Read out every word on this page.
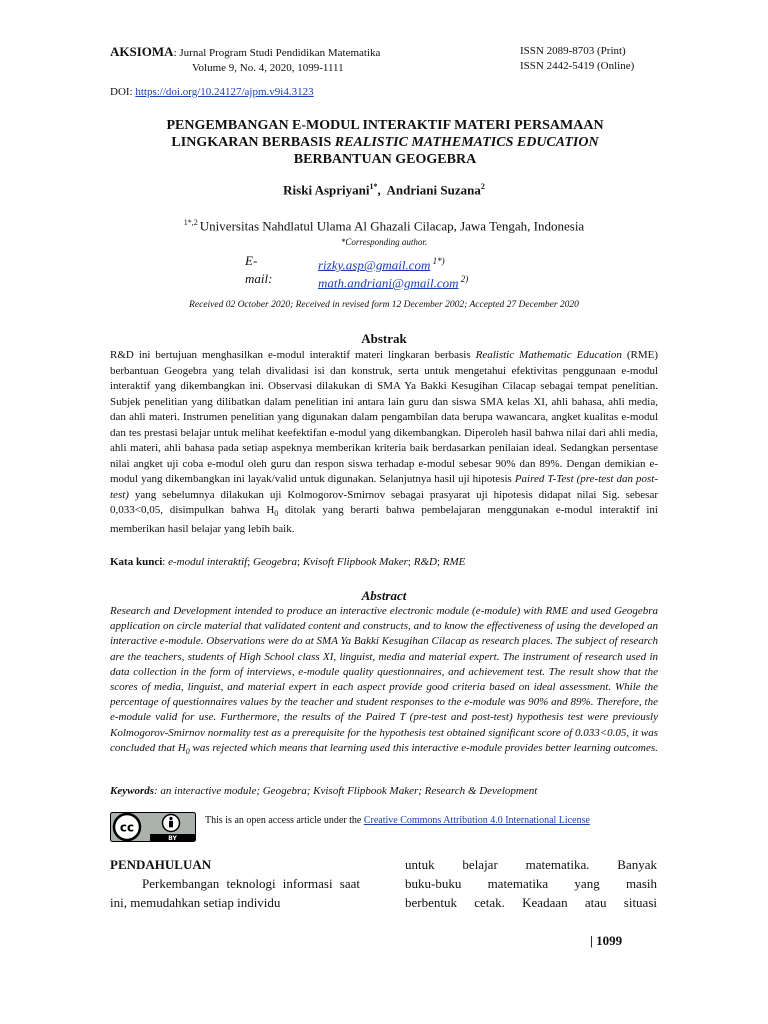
AKSIOMA: Jurnal Program Studi Pendidikan Matematika
Volume 9, No. 4, 2020, 1099-1111
ISSN 2089-8703 (Print)
ISSN 2442-5419 (Online)
DOI: https://doi.org/10.24127/ajpm.v9i4.3123
PENGEMBANGAN E-MODUL INTERAKTIF MATERI PERSAMAAN
LINGKARAN BERBASIS REALISTIC MATHEMATICS EDUCATION
BERBANTUAN GEOGEBRA
Riski Aspriyani$^{1*}$,  Andriani Suzana$^2$
$^{1*,2}$ Universitas Nahdlatul Ulama Al Ghazali Cilacap, Jawa Tengah, Indonesia
*Corresponding author.
E-mail:
rizky.asp@gmail.com $^{1*)}$
math.andriani@gmail.com $^{2)}$
Received 02 October 2020; Received in revised form 12 December 2002; Accepted 27 December 2020
Abstrak
R&D ini bertujuan menghasilkan e-modul interaktif materi lingkaran berbasis Realistic Mathematic Education (RME) berbantuan Geogebra yang telah divalidasi isi dan konstruk, serta untuk mengetahui efektivitas penggunaan e-modul interaktif yang dikembangkan ini. Observasi dilakukan di SMA Ya Bakki Kesugihan Cilacap sebagai tempat penelitian. Subjek penelitian yang dilibatkan dalam penelitian ini antara lain guru dan siswa SMA kelas XI, ahli bahasa, ahli media, dan ahli materi. Instrumen penelitian yang digunakan dalam pengambilan data berupa wawancara, angket kualitas e-modul dan tes prestasi belajar untuk melihat keefektifan e-modul yang dikembangkan. Diperoleh hasil bahwa nilai dari ahli media, ahli materi, ahli bahasa pada setiap aspeknya memberikan kriteria baik berdasarkan penilaian ideal. Sedangkan persentase nilai angket uji coba e-modul oleh guru dan respon siswa terhadap e-modul sebesar 90% dan 89%. Dengan demikian e-modul yang dikembangkan ini layak/valid untuk digunakan. Selanjutnya hasil uji hipotesis Paired T-Test (pre-test dan post-test) yang sebelumnya dilakukan uji Kolmogorov-Smirnov sebagai prasyarat uji hipotesis didapat nilai Sig. sebesar 0,033<0,05, disimpulkan bahwa $H_0$ ditolak yang berarti bahwa pembelajaran menggunakan e-modul interaktif ini memberikan hasil belajar yang lebih baik.
Kata kunci: e-modul interaktif; Geogebra; Kvisoft Flipbook Maker; R&D; RME
Abstract
Research and Development intended to produce an interactive electronic module (e-module) with RME and used Geogebra application on circle material that validated content and constructs, and to know the effectiveness of using the developed an interactive e-module. Observations were do at SMA Ya Bakki Kesugihan Cilacap as research places. The subject of research are the teachers, students of High School class XI, linguist, media and material expert. The instrument of research used in data collection in the form of interviews, e-module quality questionnaires, and achievement test. The result show that the scores of media, linguist, and material expert in each aspect provide good criteria based on ideal assessment. While the percentage of questionnaires values by the teacher and student responses to the e-module was 90% and 89%. Therefore, the e-module valid for use. Furthermore, the results of the Paired T (pre-test and post-test) hypothesis test were previously Kolmogorov-Smirnov normality test as a prerequisite for the hypothesis test obtained significant score of 0.033<0.05, it was concluded that $H_0$ was rejected which means that learning used this interactive e-module provides better learning outcomes.
Keywords: an interactive module; Geogebra; Kvisoft Flipbook Maker; Research & Development
cc
BY
This is an open access article under the Creative Commons Attribution 4.0 International License
PENDAHULUAN

Perkembangan teknologi informasi saat ini, memudahkan setiap individu

untuk belajar matematika. Banyak
buku-buku matematika yang masih
berbentuk cetak. Keadaan atau situasi
| 1099
